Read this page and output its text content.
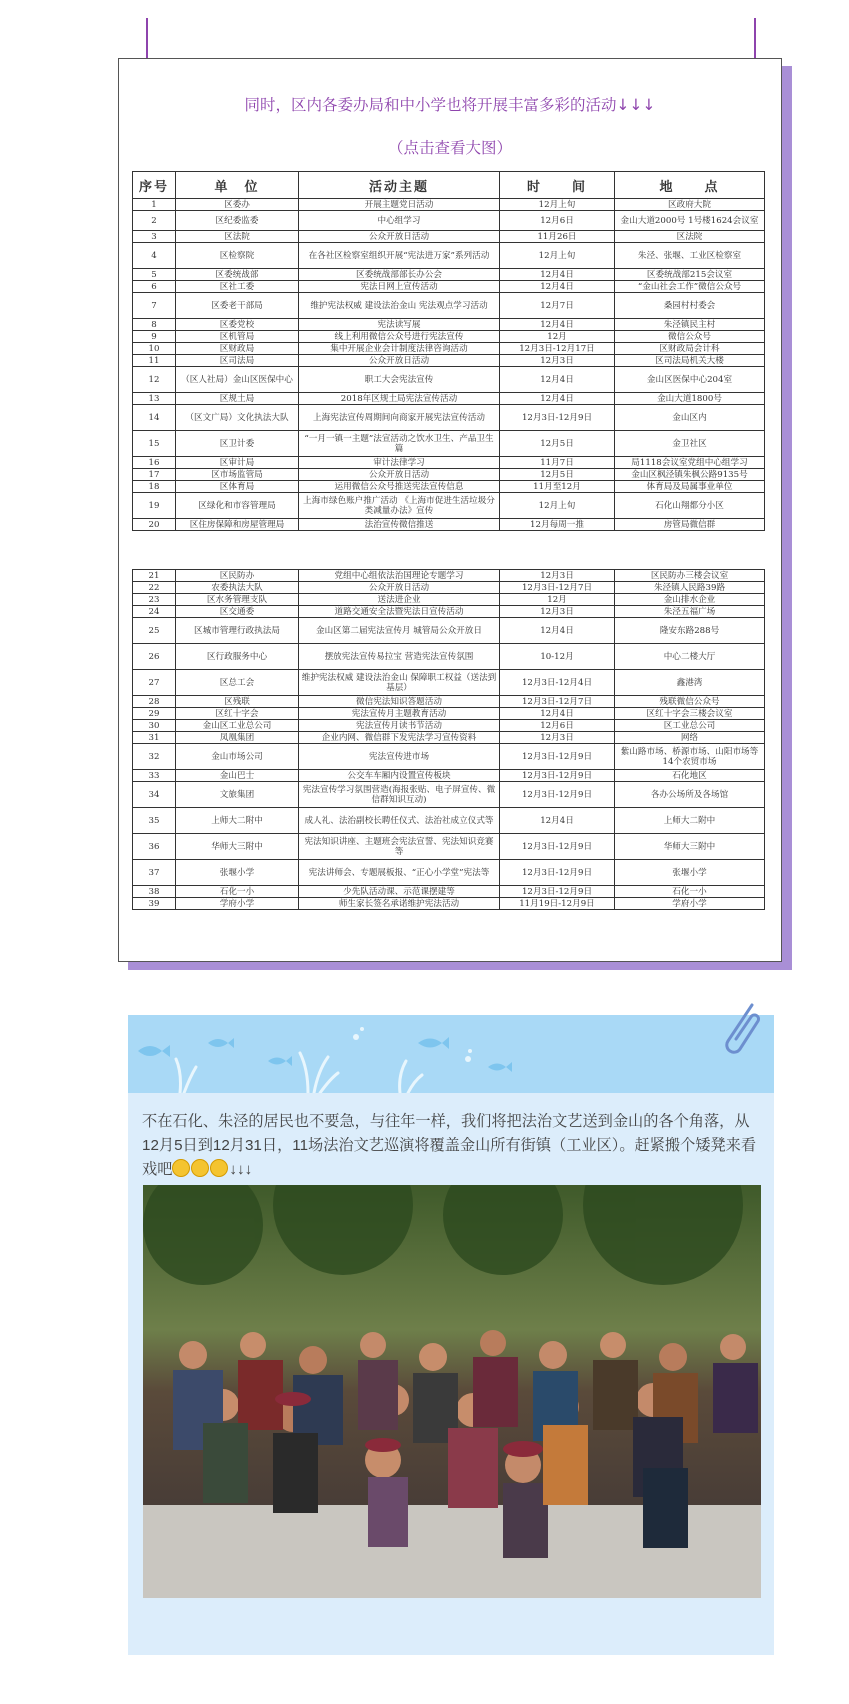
同时，区内各委办局和中小学也将开展丰富多彩的活动↓↓↓
（点击查看大图）
序号	单　位	活动主题	时　　间	地　　点
1	区委办	开展主题党日活动	12月上旬	区政府大院
2	区纪委监委	中心组学习	12月6日	金山大道2000号 1号楼1624会议室
3	区法院	公众开放日活动	11月26日	区法院
4	区检察院	在各社区检察室组织开展“宪法进万家”系列活动	12月上旬	朱泾、张堰、工业区检察室
5	区委统战部	区委统战部部长办公会	12月4日	区委统战部215会议室
6	区社工委	宪法日网上宣传活动	12月4日	“金山社会工作”微信公众号
7	区委老干部局	维护宪法权威 建设法治金山 宪法观点学习活动	12月7日	桑园村村委会
8	区委党校	宪法读写展	12月4日	朱泾镇民主村
9	区机管局	线上利用微信公众号进行宪法宣传	12月	微信公众号
10	区财政局	集中开展企业会计制度法律咨询活动	12月3日-12月17日	区财政局会计科
11	区司法局	公众开放日活动	12月3日	区司法局机关大楼
12	（区人社局）金山区医保中心	职工大会宪法宣传	12月4日	金山区医保中心204室
13	区规土局	2018年区规土局宪法宣传活动	12月4日	金山大道1800号
14	（区文广局）文化执法大队	上海宪法宣传周期间向商家开展宪法宣传活动	12月3日-12月9日	金山区内
15	区卫计委	“一月一镇一主题”法宣活动之饮水卫生、产品卫生篇	12月5日	金卫社区
16	区审计局	审计法律学习	11月7日	局1118会议室党组中心组学习
17	区市场监管局	公众开放日活动	12月5日	金山区枫泾镇朱枫公路9135号
18	区体育局	运用微信公众号推送宪法宣传信息	11月至12月	体育局及局属事业单位
19	区绿化和市容管理局	上海市绿色账户推广活动 《上海市促进生活垃圾分类减量办法》宣传	12月上旬	石化山翔都分小区
20	区住房保障和房屋管理局	法治宣传微信推送	12月每周一推	房管局微信群
21	区民防办	党组中心组依法治国理论专题学习	12月3日	区民防办三楼会议室
22	农委执法大队	公众开放日活动	12月3日-12月7日	朱泾镇人民路39路
23	区水务管理支队	送法进企业	12月	金山排水企业
24	区交通委	道路交通安全法暨宪法日宣传活动	12月3日	朱泾五福广场
25	区城市管理行政执法局	金山区第二届宪法宣传月 城管局公众开放日	12月4日	隆安东路288号
26	区行政服务中心	摆放宪法宣传易拉宝 营造宪法宣传氛围	10-12月	中心二楼大厅
27	区总工会	维护宪法权威 建设法治金山 保障职工权益（送法到基层）	12月3日-12月4日	鑫港湾
28	区残联	微信宪法知识答题活动	12月3日-12月7日	残联微信公众号
29	区红十字会	宪法宣传月主题教育活动	12月4日	区红十字会三楼会议室
30	金山区工业总公司	宪法宣传月读书节活动	12月6日	区工业总公司
31	凤凰集团	企业内网、微信群下发宪法学习宣传资料	12月3日	网络
32	金山市场公司	宪法宣传进市场	12月3日-12月9日	紫山路市场、桥源市场、山阳市场等14个农贸市场
33	金山巴士	公交车车厢内设置宣传板块	12月3日-12月9日	石化地区
34	文旅集团	宪法宣传学习氛围营造(海报张贴、电子屏宣传、微信群知识互动)	12月3日-12月9日	各办公场所及各场馆
35	上师大二附中	成人礼、法治副校长聘任仪式、法治社成立仪式等	12月4日	上师大二附中
36	华师大三附中	宪法知识讲座、主题班会宪法宣誓、宪法知识竞赛等	12月3日-12月9日	华师大三附中
37	张堰小学	宪法讲师会、专题展板报、“正心小学堂”宪法等	12月3日-12月9日	张堰小学
38	石化一小	少先队活动课、示范课摆建等	12月3日-12月9日	石化一小
39	学府小学	师生家长签名承诺维护宪法活动	11月19日-12月9日	学府小学
不在石化、朱泾的居民也不要急，与往年一样，我们将把法治文艺送到金山的各个角落，从12月5日到12月31日，11场法治文艺巡演将覆盖金山所有街镇（工业区）。赶紧搬个矮凳来看戏吧	↓↓↓
